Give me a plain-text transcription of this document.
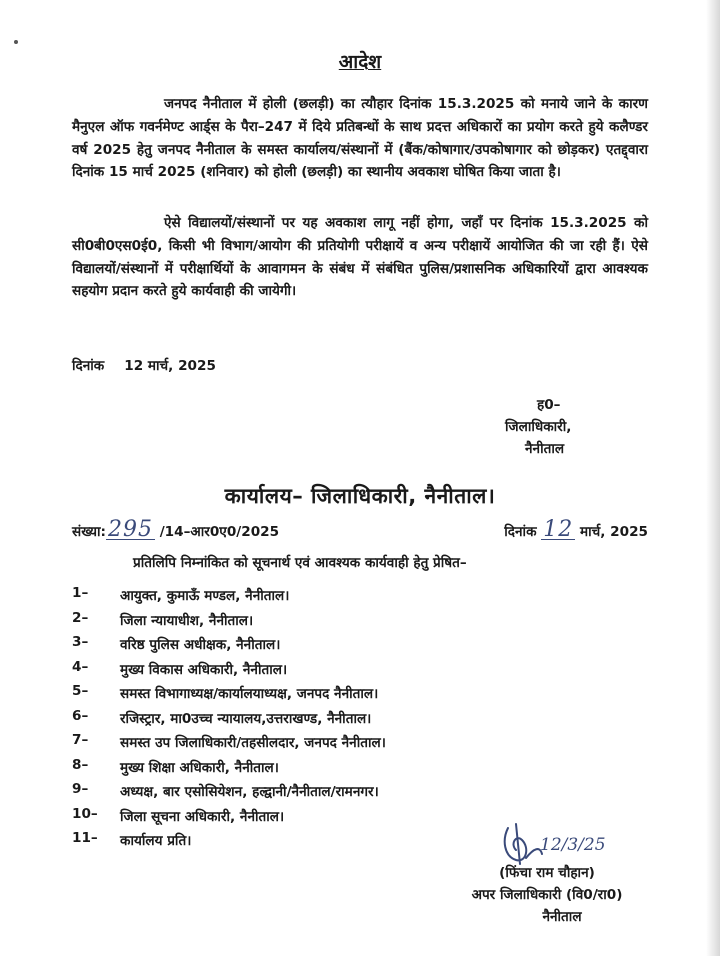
आदेश
जनपद नैनीताल में होली (छलड़ी) का त्यौहार दिनांक 15.3.2025 को मनाये जाने के कारण मैनुएल ऑफ गवर्नमेण्ट आर्ड्स के पैरा–247 में दिये प्रतिबन्धों के साथ प्रदत्त अधिकारों का प्रयोग करते हुये कलैण्डर वर्ष 2025 हेतु जनपद नैनीताल के समस्त कार्यालय/संस्थानों में (बैंक/कोषागार/उपकोषागार को छोड़कर) एतद्द्वारा दिनांक 15 मार्च 2025 (शनिवार) को होली (छलड़ी) का स्थानीय अवकाश घोषित किया जाता है।
ऐसे विद्यालयों/संस्थानों पर यह अवकाश लागू नहीं होगा, जहाँ पर दिनांक 15.3.2025 को सी0बी0एस0ई0, किसी भी विभाग/आयोग की प्रतियोगी परीक्षायें व अन्य परीक्षायें आयोजित की जा रही हैं। ऐसे विद्यालयों/संस्थानों में परीक्षार्थियों के आवागमन के संबंध में संबंधित पुलिस/प्रशासनिक अधिकारियों द्वारा आवश्यक सहयोग प्रदान करते हुये कार्यवाही की जायेगी।
दिनांक 12 मार्च, 2025
ह0–
जिलाधिकारी,
नैनीताल
कार्यालय– जिलाधिकारी, नैनीताल।
संख्या:295 /14–आर0ए0/2025	दिनांक 12 मार्च, 2025
प्रतिलिपि निम्नांकित को सूचनार्थ एवं आवश्यक कार्यवाही हेतु प्रेषित–
1– आयुक्त, कुमाऊँ मण्डल, नैनीताल।
2– जिला न्यायाधीश, नैनीताल।
3– वरिष्ठ पुलिस अधीक्षक, नैनीताल।
4– मुख्य विकास अधिकारी, नैनीताल।
5– समस्त विभागाध्यक्ष/कार्यालयाध्यक्ष, जनपद नैनीताल।
6– रजिस्ट्रार, मा0उच्च न्यायालय,उत्तराखण्ड, नैनीताल।
7– समस्त उप जिलाधिकारी/तहसीलदार, जनपद नैनीताल।
8– मुख्य शिक्षा अधिकारी, नैनीताल।
9– अध्यक्ष, बार एसोसियेशन, हल्द्वानी/नैनीताल/रामनगर।
10– जिला सूचना अधिकारी, नैनीताल।
11– कार्यालय प्रति।	12/3/25
(फिंचा राम चौहान)
अपर जिलाधिकारी (वि0/रा0)
नैनीताल
